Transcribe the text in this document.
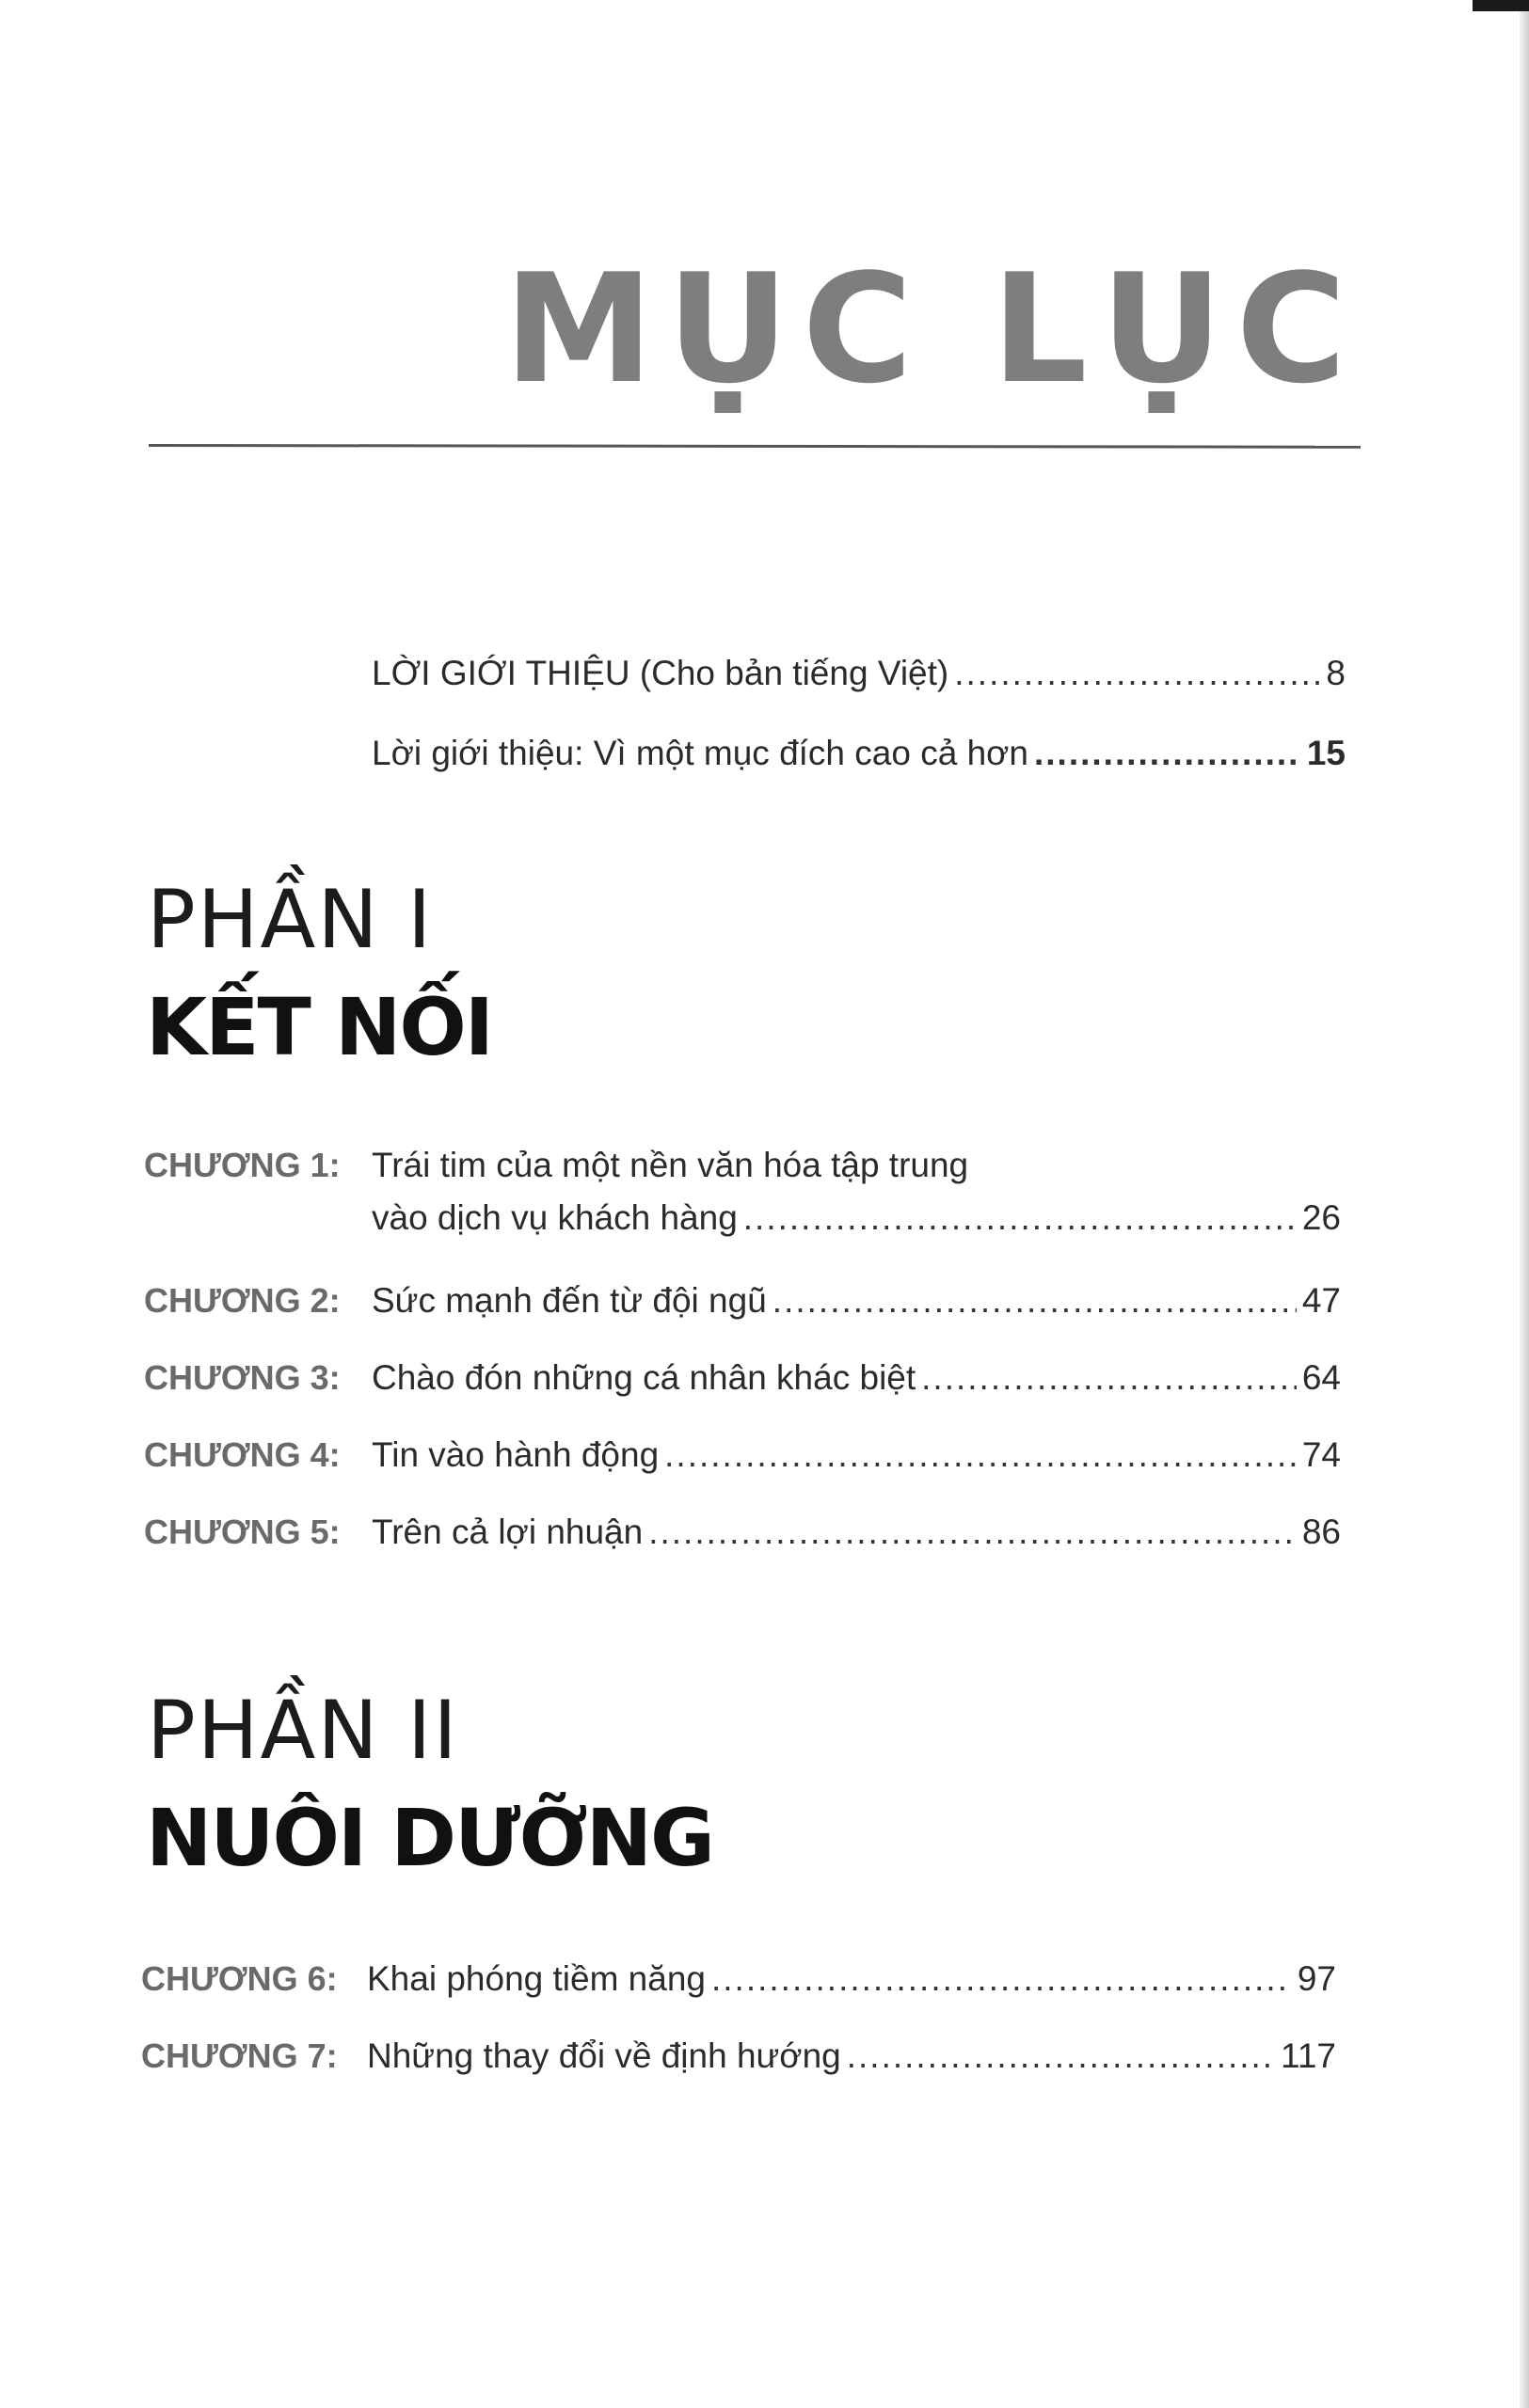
MỤC LỤC
LỜI GIỚI THIỆU (Cho bản tiếng Việt) .....	8
Lời giới thiệu: Vì một mục đích cao cả hơn .....	15
PHẦN I
KẾT NỐI
CHƯƠNG 1: Trái tim của một nền văn hóa tập trung
vào dịch vụ khách hàng .....	26
CHƯƠNG 2: Sức mạnh đến từ đội ngũ .....	47
CHƯƠNG 3: Chào đón những cá nhân khác biệt .....	64
CHƯƠNG 4: Tin vào hành động .....	74
CHƯƠNG 5: Trên cả lợi nhuận .....	86
PHẦN II
NUÔI DƯỠNG
CHƯƠNG 6: Khai phóng tiềm năng .....	97
CHƯƠNG 7: Những thay đổi về định hướng .....	117
